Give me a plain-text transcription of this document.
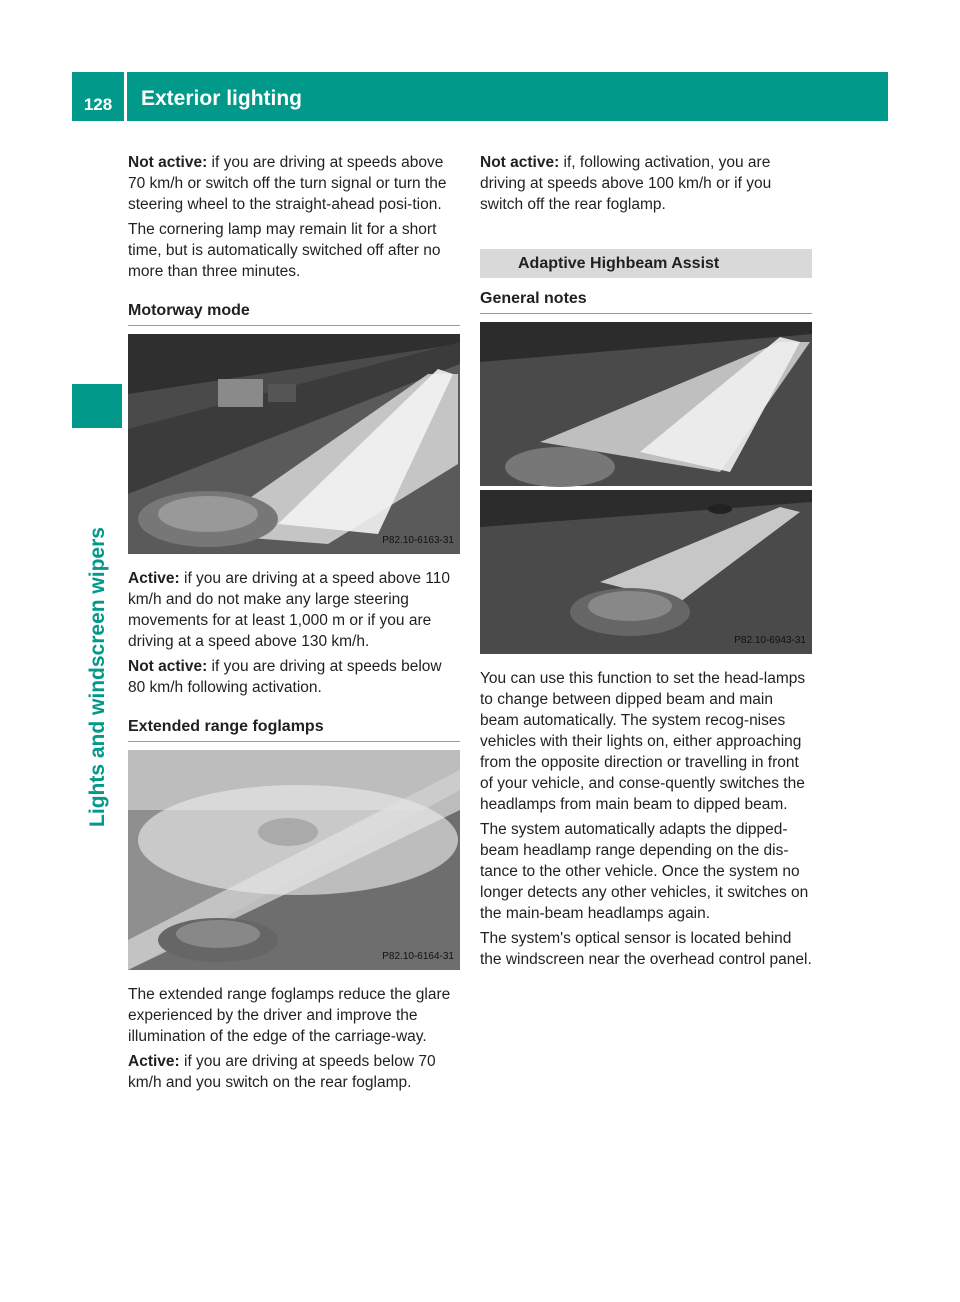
128	Exterior lighting
Lights and windscreen wipers

Not active: if you are driving at speeds above 70 km/h or switch off the turn signal or turn the steering wheel to the straight-ahead posi-tion.

The cornering lamp may remain lit for a short time, but is automatically switched off after no more than three minutes.

Motorway mode
P82.10-6163-31

Active: if you are driving at a speed above 110 km/h and do not make any large steering movements for at least 1,000 m or if you are driving at a speed above 130 km/h.

Not active: if you are driving at speeds below 80 km/h following activation.

Extended range foglamps
P82.10-6164-31

The extended range foglamps reduce the glare experienced by the driver and improve the illumination of the edge of the carriage-way.

Active: if you are driving at speeds below 70 km/h and you switch on the rear foglamp.

Not active: if, following activation, you are driving at speeds above 100 km/h or if you switch off the rear foglamp.

Adaptive Highbeam Assist
General notes
P82.10-6943-31

You can use this function to set the head-lamps to change between dipped beam and main beam automatically. The system recog-nises vehicles with their lights on, either approaching from the opposite direction or travelling in front of your vehicle, and conse-quently switches the headlamps from main beam to dipped beam.

The system automatically adapts the dipped-beam headlamp range depending on the dis-tance to the other vehicle. Once the system no longer detects any other vehicles, it switches on the main-beam headlamps again.

The system's optical sensor is located behind the windscreen near the overhead control panel.
